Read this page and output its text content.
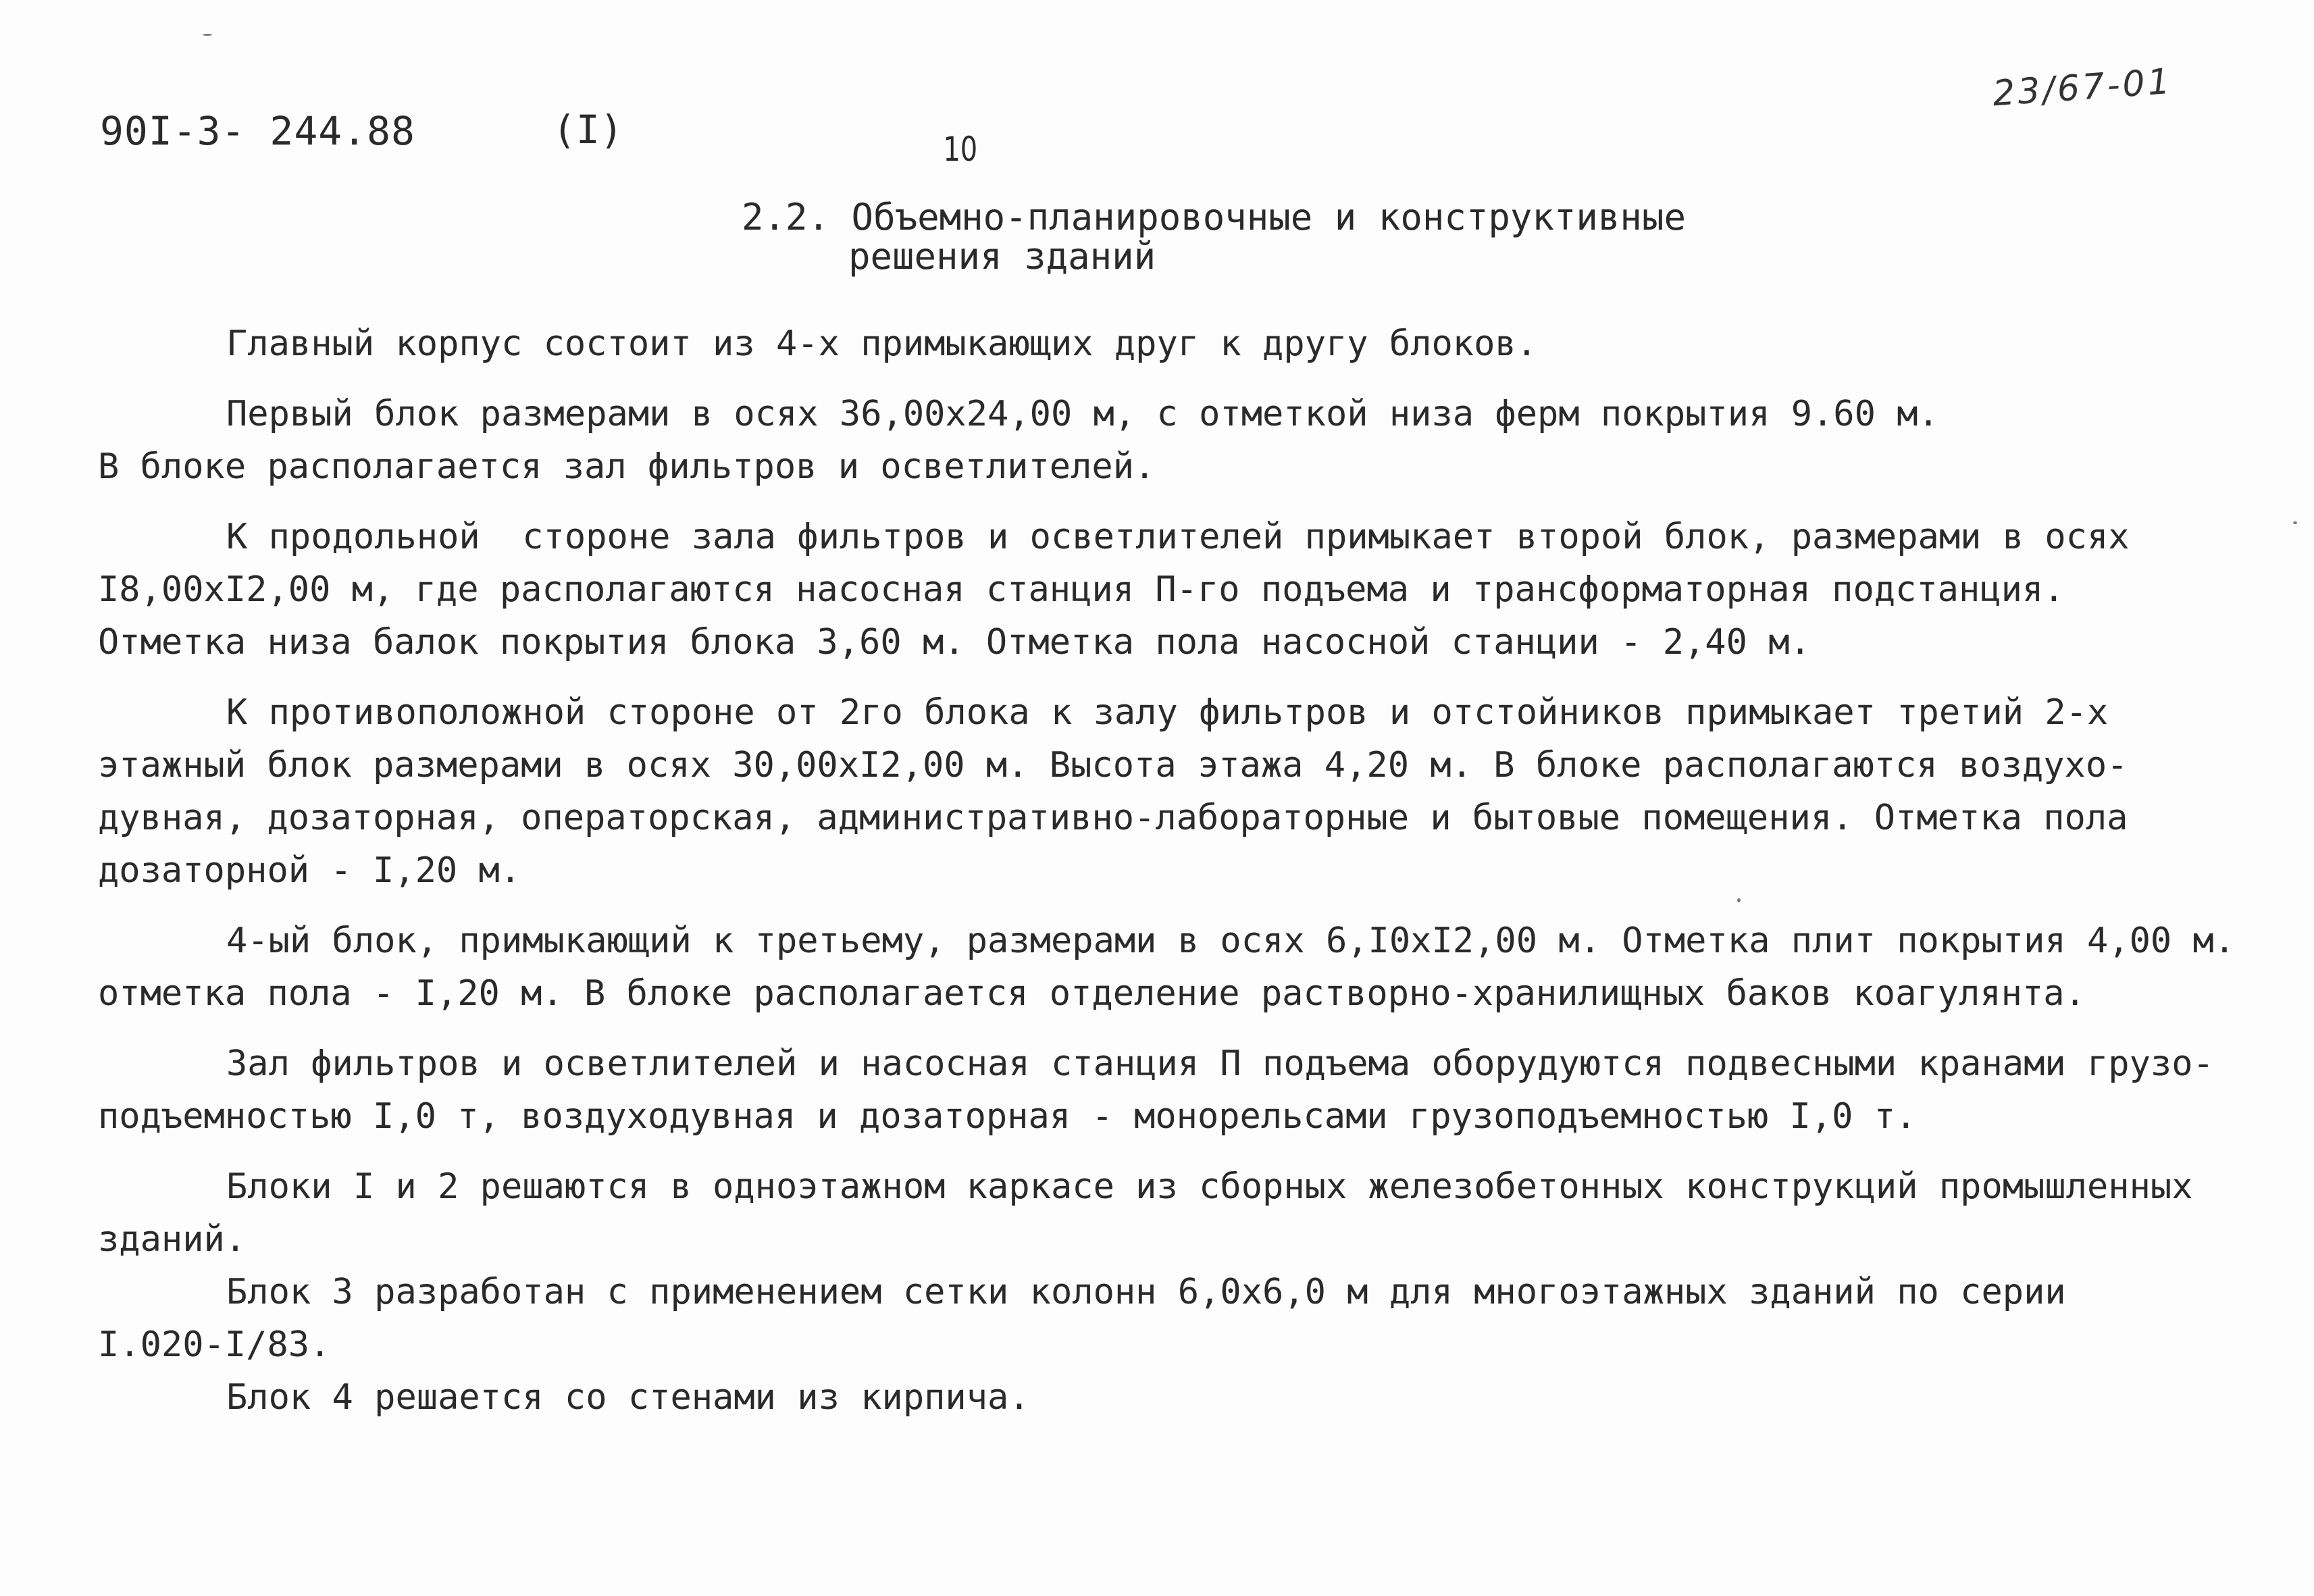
90I-3- 244.88	(I)	10
23/67-01
2.2. Объемно-планировочные и конструктивные
решения зданий

Главный корпус состоит из 4-х примыкающих друг к другу блоков.

Первый блок размерами в осях 36,00х24,00 м, с отметкой низа ферм покрытия 9.60 м.
В блоке располагается зал фильтров и осветлителей.

К продольной  стороне зала фильтров и осветлителей примыкает второй блок, размерами в осях
I8,00хI2,00 м, где располагаются насосная станция П-го подъема и трансформаторная подстанция.
Отметка низа балок покрытия блока 3,60 м. Отметка пола насосной станции - 2,40 м.

К противоположной стороне от 2го блока к залу фильтров и отстойников примыкает третий 2-х
этажный блок размерами в осях 30,00хI2,00 м. Высота этажа 4,20 м. В блоке располагаются воздухо-
дувная, дозаторная, операторская, административно-лабораторные и бытовые помещения. Отметка пола
дозаторной - I,20 м.

4-ый блок, примыкающий к третьему, размерами в осях 6,I0хI2,00 м. Отметка плит покрытия 4,00 м.
отметка пола - I,20 м. В блоке располагается отделение растворно-хранилищных баков коагулянта.

Зал фильтров и осветлителей и насосная станция П подъема оборудуются подвесными кранами грузо-
подъемностью I,0 т, воздуходувная и дозаторная - монорельсами грузоподъемностью I,0 т.

Блоки I и 2 решаются в одноэтажном каркасе из сборных железобетонных конструкций промышленных
зданий.

Блок 3 разработан с применением сетки колонн 6,0х6,0 м для многоэтажных зданий по серии
I.020-I/83.

Блок 4 решается со стенами из кирпича.
